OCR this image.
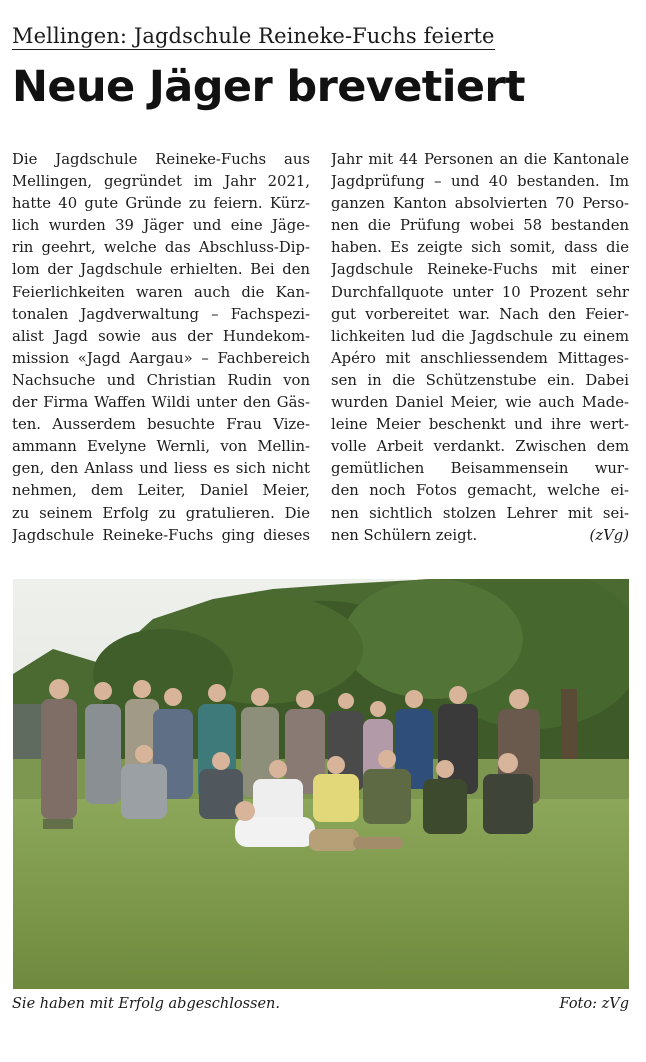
Mellingen: Jagdschule Reineke-Fuchs feierte
Neue Jäger brevetiert
Die Jagdschule Reineke-Fuchs aus
Mellingen, gegründet im Jahr 2021,
hatte 40 gute Gründe zu feiern. Kürz-
lich wurden 39 Jäger und eine Jäge-
rin geehrt, welche das Abschluss-Dip-
lom der Jagdschule erhielten. Bei den
Feierlichkeiten waren auch die Kan-
tonalen Jagdverwaltung – Fachspezi-
alist Jagd sowie aus der Hundekom-
mission «Jagd Aargau» – Fachbereich
Nachsuche und Christian Rudin von
der Firma Waffen Wildi unter den Gäs-
ten. Ausserdem besuchte Frau Vize-
ammann Evelyne Wernli, von Mellin-
gen, den Anlass und liess es sich nicht
nehmen, dem Leiter, Daniel Meier,
zu seinem Erfolg zu gratulieren. Die
Jagdschule Reineke-Fuchs ging dieses
Jahr mit 44 Personen an die Kantonale
Jagdprüfung – und 40 bestanden. Im
ganzen Kanton absolvierten 70 Perso-
nen die Prüfung wobei 58 bestanden
haben. Es zeigte sich somit, dass die
Jagdschule Reineke-Fuchs mit einer
Durchfallquote unter 10 Prozent sehr
gut vorbereitet war. Nach den Feier-
lichkeiten lud die Jagdschule zu einem
Apéro mit anschliessendem Mittages-
sen in die Schützenstube ein. Dabei
wurden Daniel Meier, wie auch Made-
leine Meier beschenkt und ihre wert-
volle Arbeit verdankt. Zwischen dem
gemütlichen Beisammensein wur-
den noch Fotos gemacht, welche ei-
nen sichtlich stolzen Lehrer mit sei-
nen Schülern zeigt.	(zVg)
Sie haben mit Erfolg abgeschlossen.	Foto: zVg
